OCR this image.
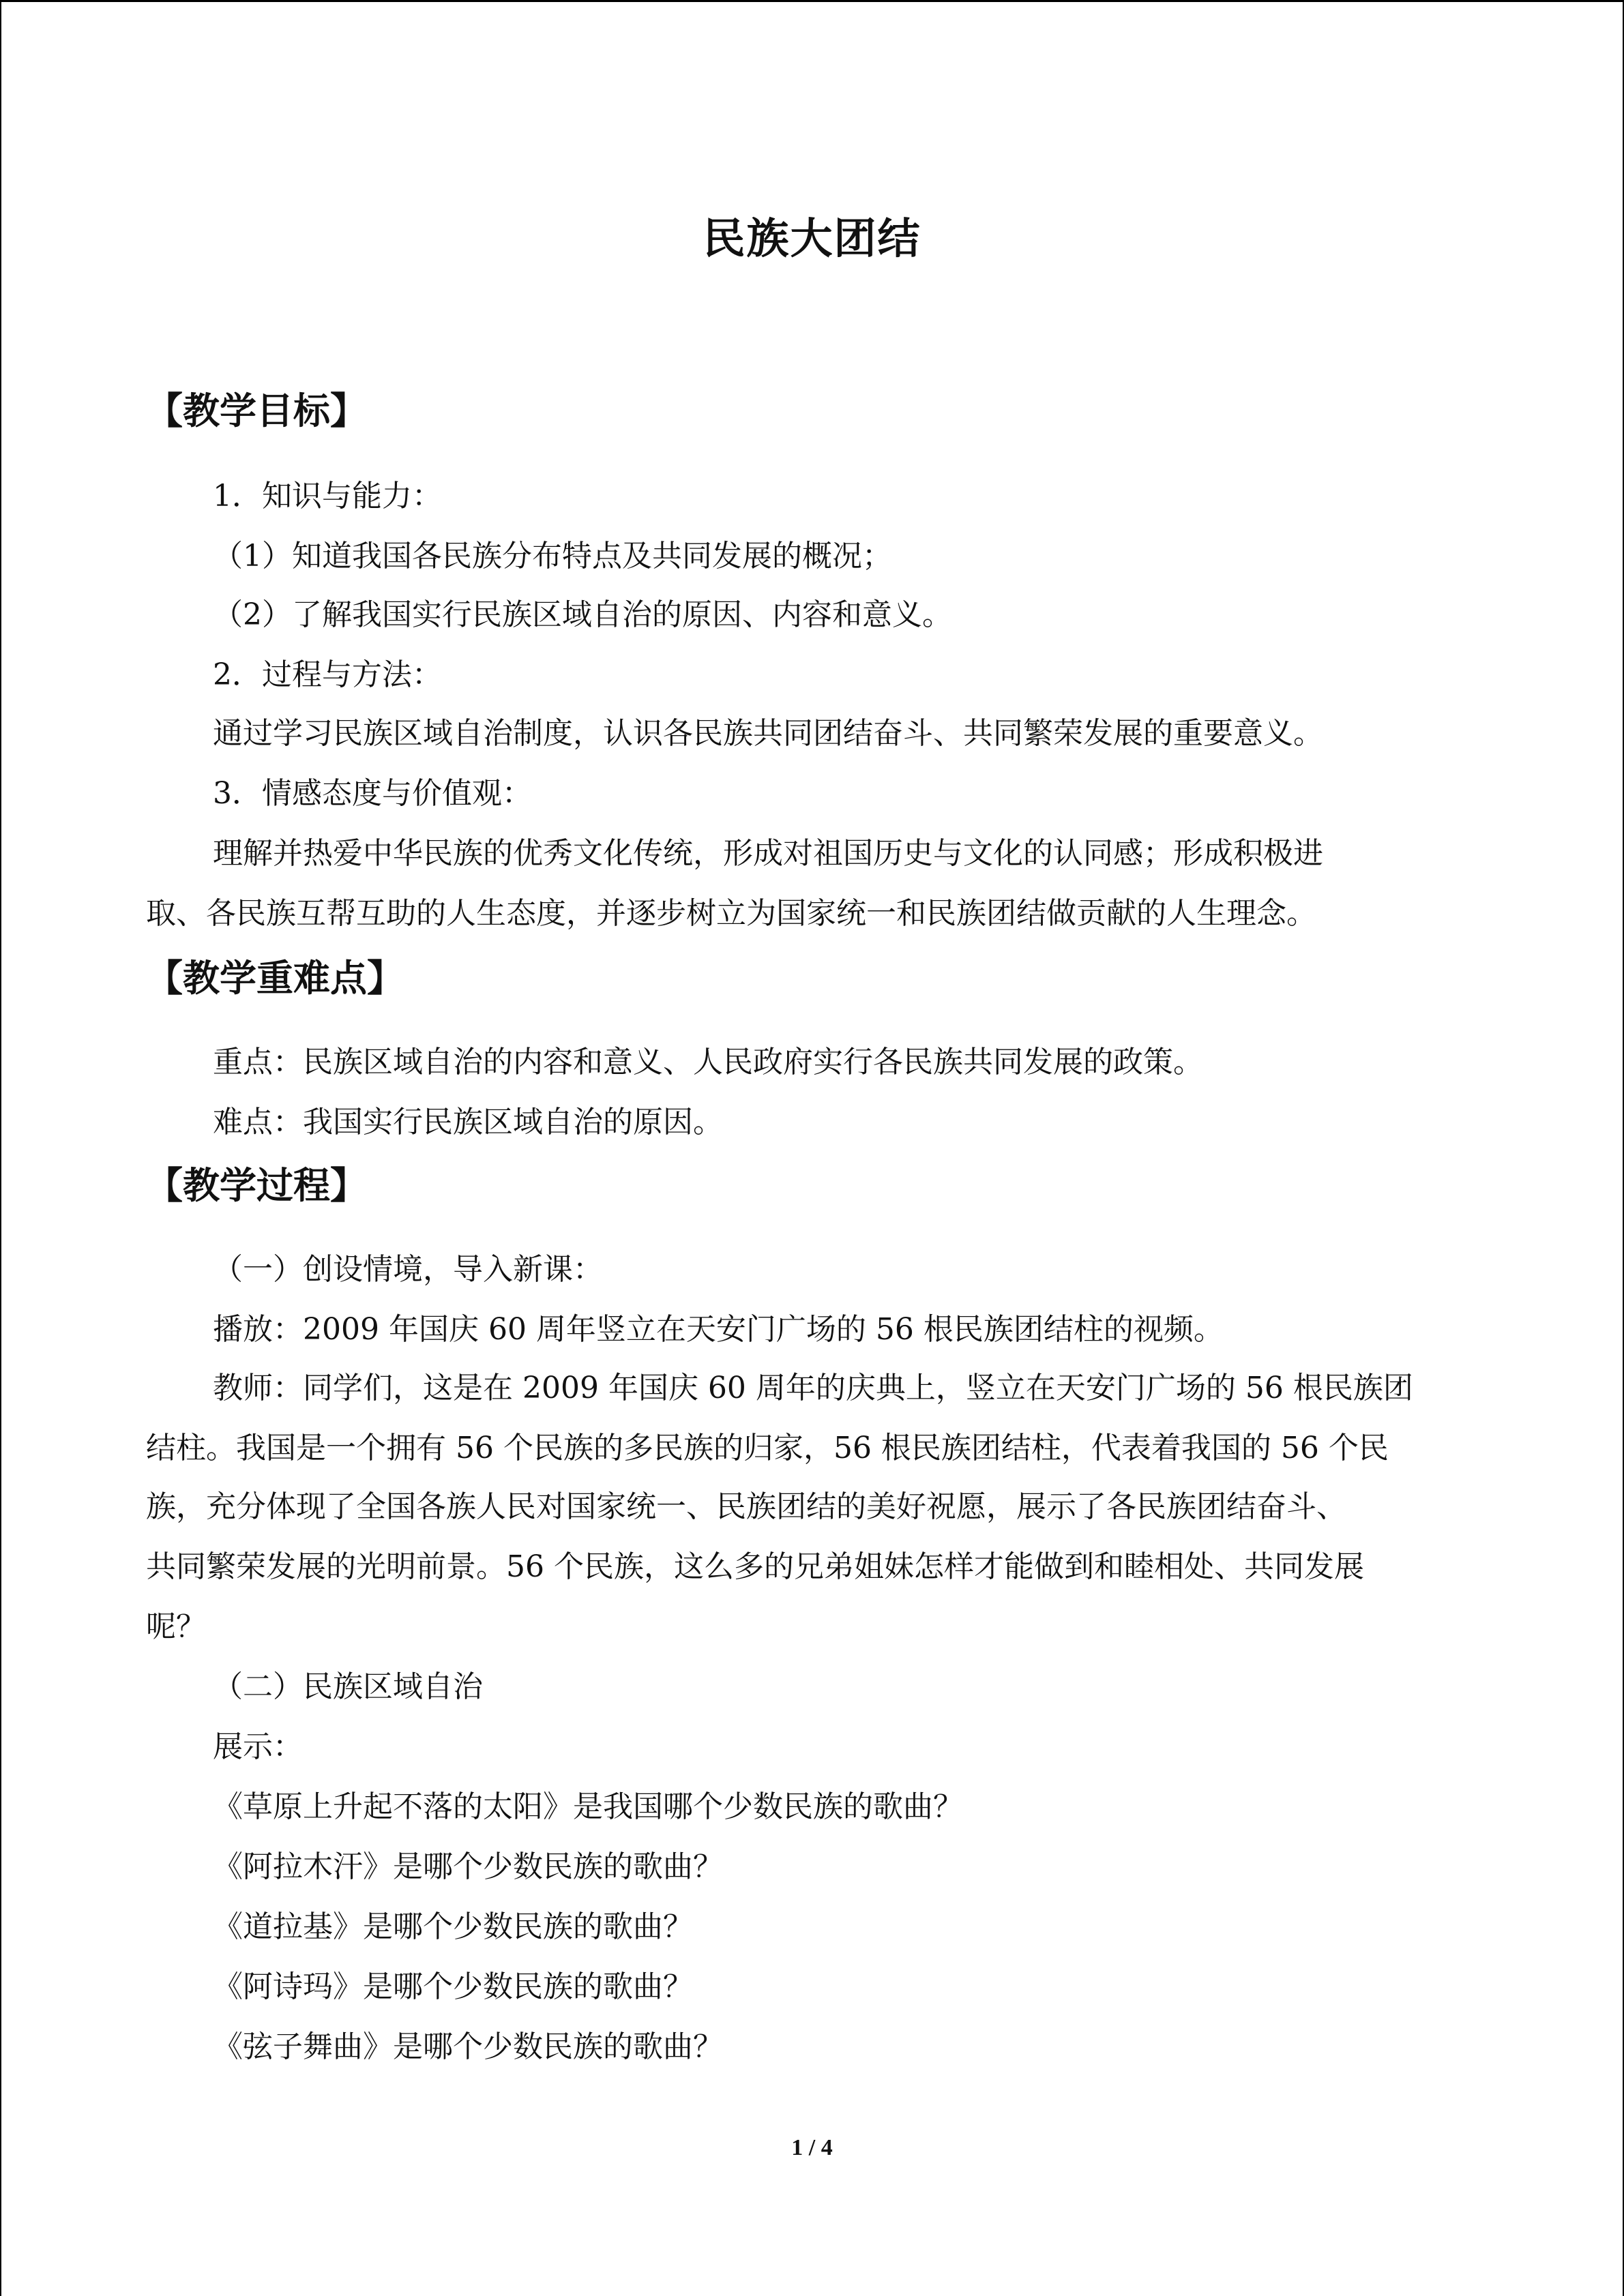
民族大团结
【教学目标】
1．知识与能力：
（1）知道我国各民族分布特点及共同发展的概况；
（2）了解我国实行民族区域自治的原因、内容和意义。
2．过程与方法：
通过学习民族区域自治制度，认识各民族共同团结奋斗、共同繁荣发展的重要意义。
3．情感态度与价值观：
理解并热爱中华民族的优秀文化传统，形成对祖国历史与文化的认同感；形成积极进
取、各民族互帮互助的人生态度，并逐步树立为国家统一和民族团结做贡献的人生理念。
【教学重难点】
重点：民族区域自治的内容和意义、人民政府实行各民族共同发展的政策。
难点：我国实行民族区域自治的原因。
【教学过程】
（一）创设情境，导入新课：
播放：2009 年国庆 60 周年竖立在天安门广场的 56 根民族团结柱的视频。
教师：同学们，这是在 2009 年国庆 60 周年的庆典上，竖立在天安门广场的 56 根民族团
结柱。我国是一个拥有 56 个民族的多民族的归家，56 根民族团结柱，代表着我国的 56 个民
族，充分体现了全国各族人民对国家统一、民族团结的美好祝愿，展示了各民族团结奋斗、
共同繁荣发展的光明前景。56 个民族，这么多的兄弟姐妹怎样才能做到和睦相处、共同发展
呢？
（二）民族区域自治
展示：
《草原上升起不落的太阳》是我国哪个少数民族的歌曲？
《阿拉木汗》是哪个少数民族的歌曲？
《道拉基》是哪个少数民族的歌曲？
《阿诗玛》是哪个少数民族的歌曲？
《弦子舞曲》是哪个少数民族的歌曲？
1 / 4
